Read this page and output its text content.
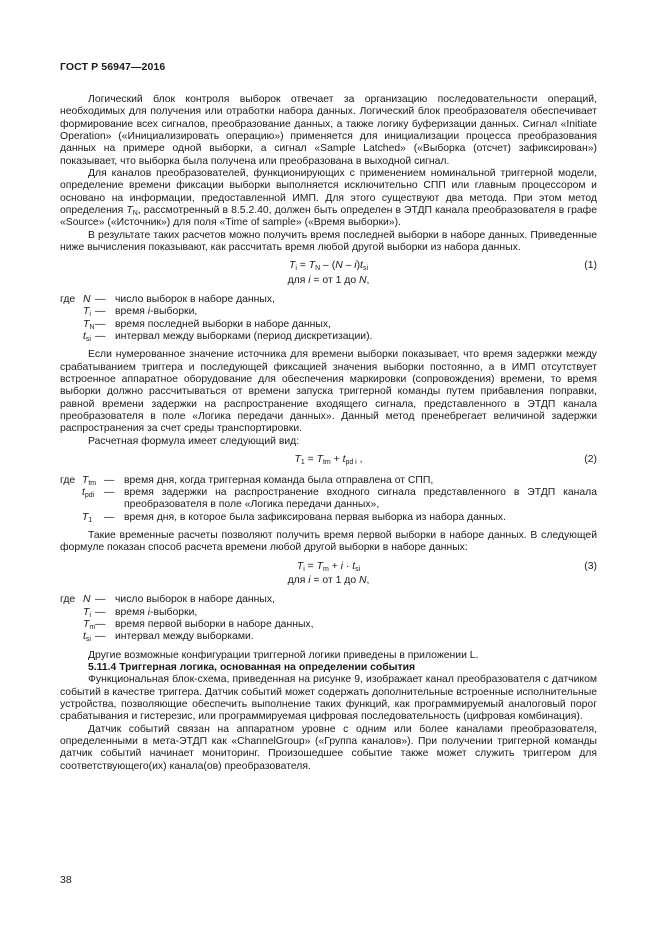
ГОСТ Р 56947—2016

Логический блок контроля выборок отвечает за организацию последовательности операций, необходимых для получения или отработки набора данных. Логический блок преобразователя обеспечивает формирование всех сигналов, преобразование данных, а также логику буферизации данных. Сигнал «Initiate Operation» («Инициализировать операцию») применяется для инициализации процесса преобразования данных на примере одной выборки, а сигнал «Sample Latched» («Выборка (отсчет) зафиксирован») показывает, что выборка была получена или преобразована в выходной сигнал.

Для каналов преобразователей, функционирующих с применением номинальной триггерной модели, определение времени фиксации выборки выполняется исключительно СПП или главным процессором и основано на информации, предоставленной ИМП. Для этого существуют два метода. При этом метод определения $T_N$, рассмотренный в 8.5.2.40, должен быть определен в ЭТДП канала преобразователя в графе «Source» («Источник») для поля «Time of sample» («Время выборки»).

В результате таких расчетов можно получить время последней выборки в наборе данных. Приведенные ниже вычисления показывают, как рассчитать время любой другой выборки из набора данных.

$T_i = T_N - (N - i)t_{si}$	(1)
для i = от 1 до N,
где N — число выборок в наборе данных,
$T_i$ — время i-выборки,
$T_N$ — время последней выборки в наборе данных,
$t_{si}$ — интервал между выборками (период дискретизации).

Если нумерованное значение источника для времени выборки показывает, что время задержки между срабатыванием триггера и последующей фиксацией значения выборки постоянно, а в ИМП отсутствует встроенное аппаратное оборудование для обеспечения маркировки (сопровождения) времени, то время выборки должно рассчитываться от времени запуска триггерной команды путем прибавления поправки, равной времени задержки на распространение входящего сигнала, представленного в ЭТДП канала преобразователя в поле «Логика передачи данных». Данный метод пренебрегает величиной задержки распространения за счет среды транспортировки.

Расчетная формула имеет следующий вид:

$T_1 = T_{tm} + t_{pd i}$ ,	(2)
где $T_{tm}$ — время дня, когда триггерная команда была отправлена от СПП,
$t_{pdi}$ — время задержки на распространение входного сигнала представленного в ЭТДП канала преобразователя в поле «Логика передачи данных»,
$T_1$	— время дня, в которое была зафиксирована первая выборка из набора данных.

Такие временные расчеты позволяют получить время первой выборки в наборе данных. В следующей формуле показан способ расчета времени любой другой выборки в наборе данных:

$T_i = T_m + i \cdot t_{si}$	(3)
для i = от 1 до N,
где N — число выборок в наборе данных,
$T_i$ — время i-выборки,
$T_m$ — время первой выборки в наборе данных,
$t_{si}$ — интервал между выборками.

Другие возможные конфигурации триггерной логики приведены в приложении L.

5.11.4 Триггерная логика, основанная на определении события

Функциональная блок-схема, приведенная на рисунке 9, изображает канал преобразователя с датчиком событий в качестве триггера. Датчик событий может содержать дополнительные встроенные исполнительные устройства, позволяющие обеспечить выполнение таких функций, как программируемый аналоговый порог срабатывания и гистерезис, или программируемая цифровая последовательность (цифровая комбинация).

Датчик событий связан на аппаратном уровне с одним или более каналами преобразователя, определенными в мета-ЭТДП как «ChannelGroup» («Группа каналов»). При получении триггерной команды датчик событий начинает мониторинг. Произошедшее событие также может служить триггером для соответствующего(их) канала(ов) преобразователя.

38
